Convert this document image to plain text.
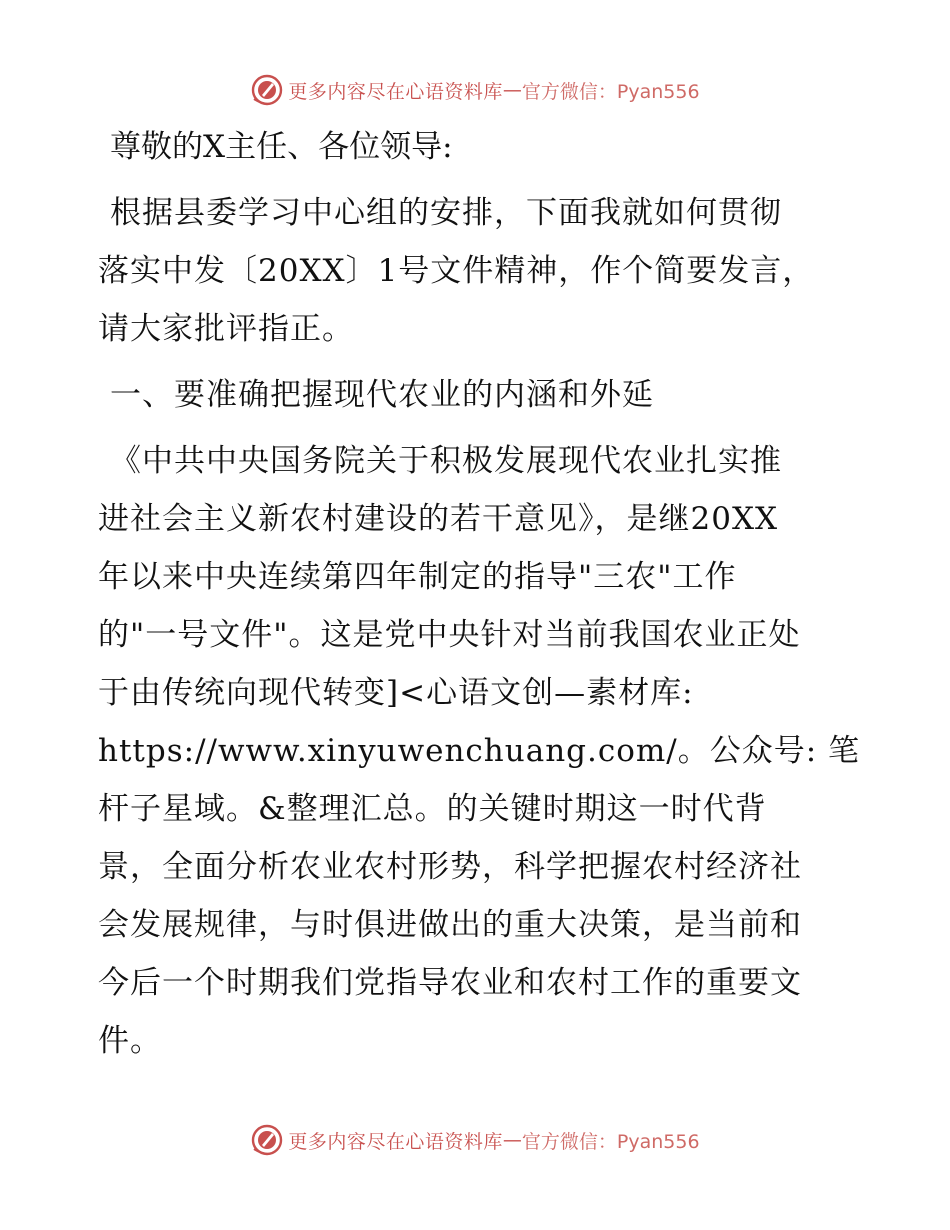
更多内容尽在心语资料库 — 官方微信：Pyan556

尊敬的X主任、各位领导:

根据县委学习中心组的安排，下面我就如何贯彻
落实中发〔20XX〕1号文件精神，作个简要发言，
请大家批评指正。

一、要准确把握现代农业的内涵和外延

《中共中央国务院关于积极发展现代农业扎实推
进社会主义新农村建设的若干意见》，是继20XX
年以来中央连续第四年制定的指导"三农"工作
的"一号文件"。这是党中央针对当前我国农业正处
于由传统向现代转变]<心语文创—素材库:
https://www.xinyuwenchuang.com/。公众号: 笔
杆子星域。&整理汇总。的关键时期这一时代背
景，全面分析农业农村形势，科学把握农村经济社
会发展规律，与时俱进做出的重大决策，是当前和
今后一个时期我们党指导农业和农村工作的重要文
件。
更多内容尽在心语资料库 — 官方微信：Pyan556
